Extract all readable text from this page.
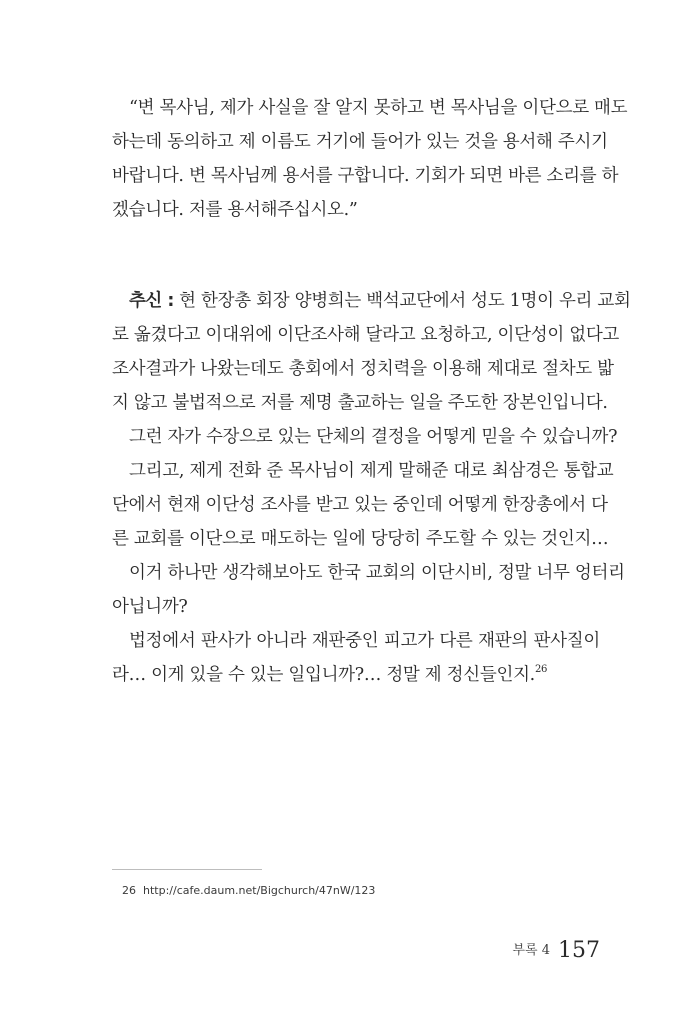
“변 목사님, 제가 사실을 잘 알지 못하고 변 목사님을 이단으로 매도
하는데 동의하고 제 이름도 거기에 들어가 있는 것을 용서해 주시기
바랍니다. 변 목사님께 용서를 구합니다. 기회가 되면 바른 소리를 하
겠습니다. 저를 용서해주십시오.”
추신 : 현 한장총 회장 양병희는 백석교단에서 성도 1명이 우리 교회
로 옮겼다고 이대위에 이단조사해 달라고 요청하고, 이단성이 없다고
조사결과가 나왔는데도 총회에서 정치력을 이용해 제대로 절차도 밟
지 않고 불법적으로 저를 제명 출교하는 일을 주도한 장본인입니다.
그런 자가 수장으로 있는 단체의 결정을 어떻게 믿을 수 있습니까?
그리고, 제게 전화 준 목사님이 제게 말해준 대로 최삼경은 통합교
단에서 현재 이단성 조사를 받고 있는 중인데 어떻게 한장총에서 다
른 교회를 이단으로 매도하는 일에 당당히 주도할 수 있는 것인지…
이거 하나만 생각해보아도 한국 교회의 이단시비, 정말 너무 엉터리
아닙니까?
법정에서 판사가 아니라 재판중인 피고가 다른 재판의 판사질이
라… 이게 있을 수 있는 일입니까?… 정말 제 정신들인지.$^{26}$
26 http://cafe.daum.net/Bigchurch/47nW/123
부록 4 157
